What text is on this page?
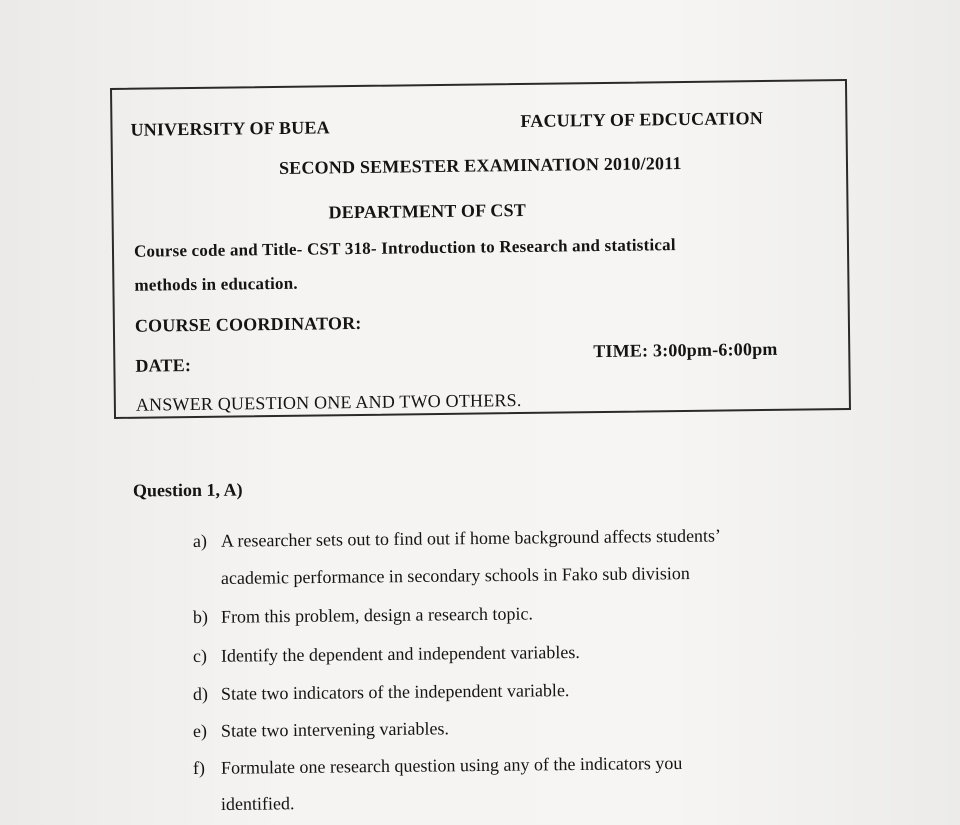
UNIVERSITY OF BUEA	FACULTY OF EDCUCATION
SECOND SEMESTER EXAMINATION 2010/2011
DEPARTMENT OF CST
Course code and Title- CST 318- Introduction to Research and statistical
methods in education.
COURSE COORDINATOR:
DATE:
TIME: 3:00pm-6:00pm
ANSWER QUESTION ONE AND TWO OTHERS.
Question 1, A)
a) A researcher sets out to find out if home background affects students’
academic performance in secondary schools in Fako sub division
b) From this problem, design a research topic.
c) Identify the dependent and independent variables.
d) State two indicators of the independent variable.
e) State two intervening variables.
f) Formulate one research question using any of the indicators you
identified.
